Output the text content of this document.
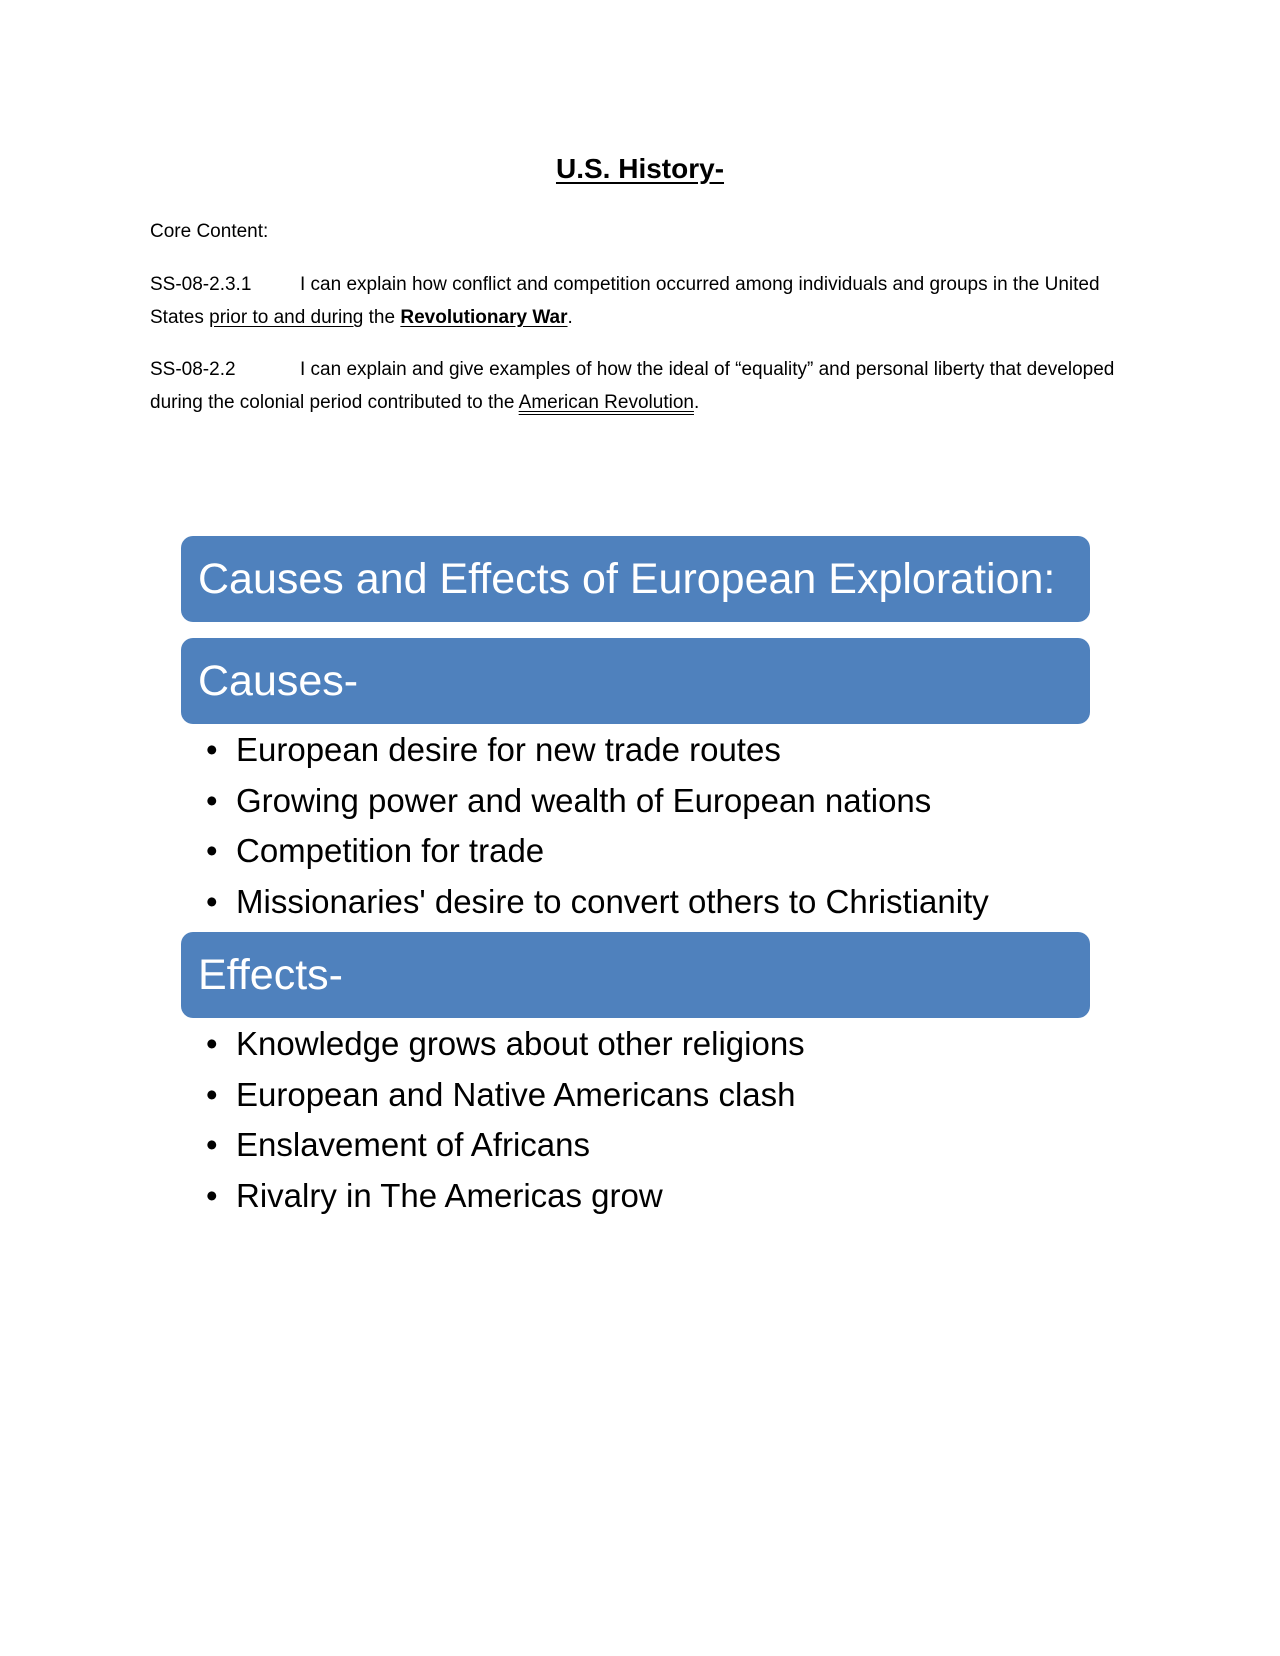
U.S. History-
Core Content:
SS-08-2.3.1	I can explain how conflict and competition occurred among individuals and groups in the United States prior to and during the Revolutionary War.
SS-08-2.2	I can explain and give examples of how the ideal of “equality” and personal liberty that developed during the colonial period contributed to the American Revolution.
Causes and Effects of European Exploration:
Causes-
• European desire for new trade routes
• Growing power and wealth of European nations
• Competition for trade
• Missionaries' desire to convert others to Christianity
Effects-
• Knowledge grows about other religions
• European and Native Americans clash
• Enslavement of Africans
• Rivalry in The Americas grow
